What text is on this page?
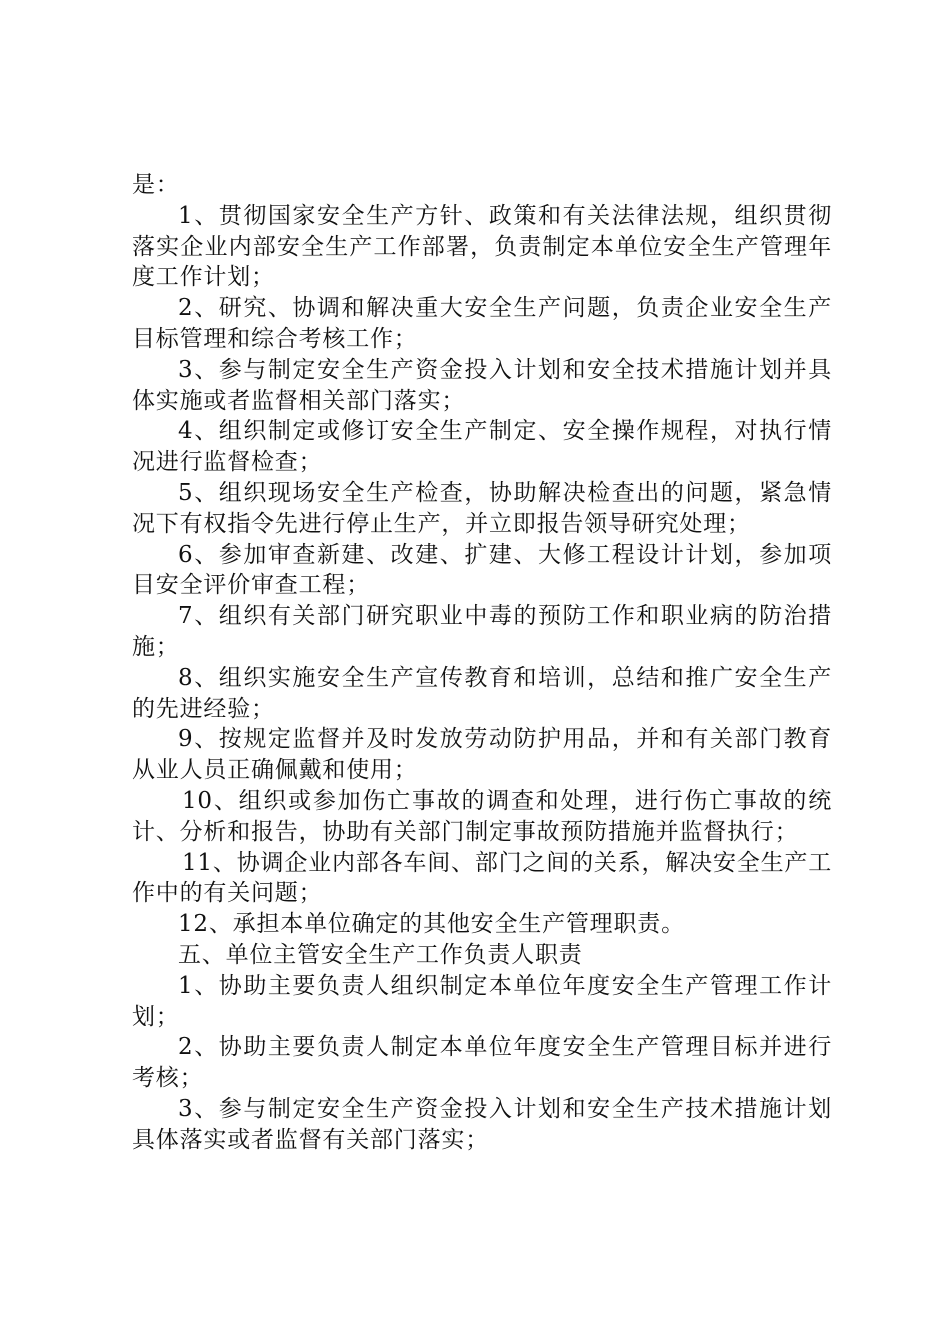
是：

1、贯彻国家安全生产方针、政策和有关法律法规，组织贯彻落实企业内部安全生产工作部署，负责制定本单位安全生产管理年度工作计划；

2、研究、协调和解决重大安全生产问题，负责企业安全生产目标管理和综合考核工作；

3、参与制定安全生产资金投入计划和安全技术措施计划并具体实施或者监督相关部门落实；

4、组织制定或修订安全生产制定、安全操作规程，对执行情况进行监督检查；

5、组织现场安全生产检查，协助解决检查出的问题，紧急情况下有权指令先进行停止生产，并立即报告领导研究处理；

6、参加审查新建、改建、扩建、大修工程设计计划，参加项目安全评价审查工程；

7、组织有关部门研究职业中毒的预防工作和职业病的防治措施；

8、组织实施安全生产宣传教育和培训，总结和推广安全生产的先进经验；

9、按规定监督并及时发放劳动防护用品，并和有关部门教育从业人员正确佩戴和使用；

10、组织或参加伤亡事故的调查和处理，进行伤亡事故的统计、分析和报告，协助有关部门制定事故预防措施并监督执行；

11、协调企业内部各车间、部门之间的关系，解决安全生产工作中的有关问题；

12、承担本单位确定的其他安全生产管理职责。

五、单位主管安全生产工作负责人职责

1、协助主要负责人组织制定本单位年度安全生产管理工作计划；

2、协助主要负责人制定本单位年度安全生产管理目标并进行考核；

3、参与制定安全生产资金投入计划和安全生产技术措施计划具体落实或者监督有关部门落实；
